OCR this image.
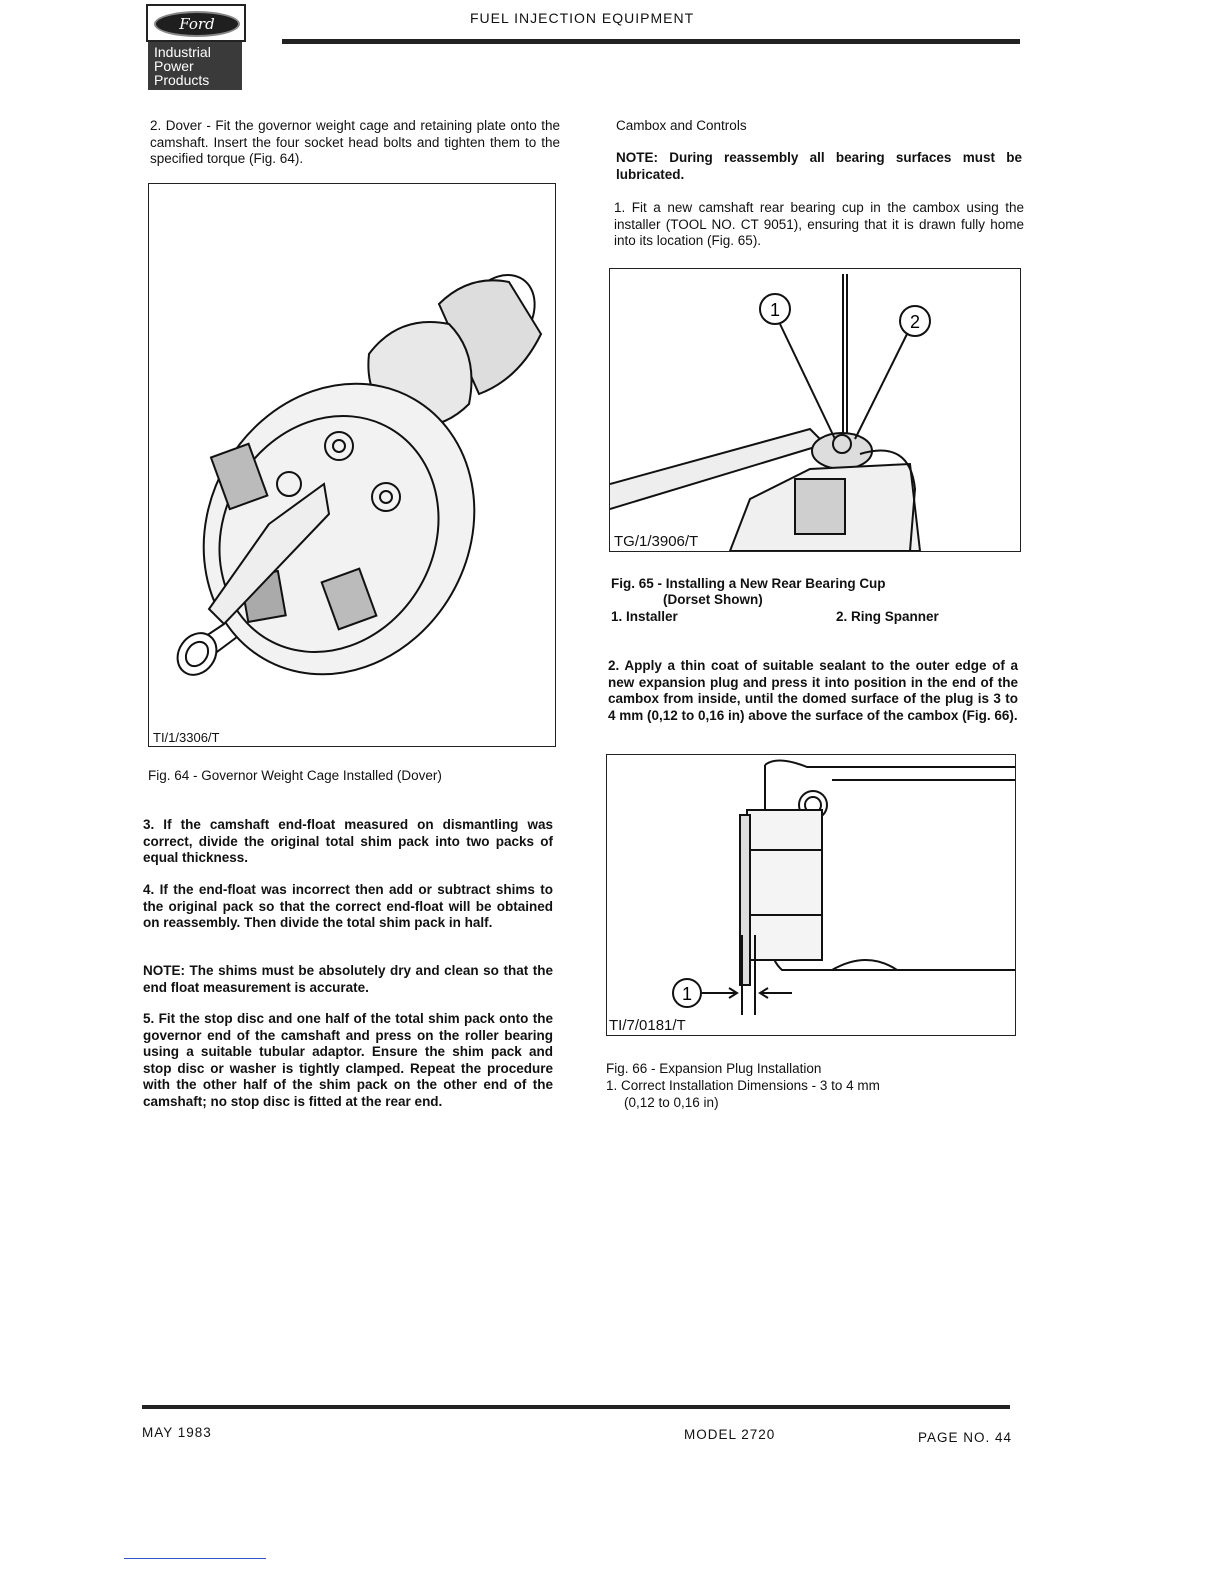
Ford
Industrial
Power
Products
FUEL INJECTION EQUIPMENT
2. Dover - Fit the governor weight cage and retaining plate onto the camshaft. Insert the four socket head bolts and tighten them to the specified torque (Fig. 64).
TI/1/3306/T
Fig. 64 - Governor Weight Cage Installed (Dover)
3. If the camshaft end-float measured on dismantling was correct, divide the original total shim pack into two packs of equal thickness.
4. If the end-float was incorrect then add or subtract shims to the original pack so that the correct end-float will be obtained on reassembly. Then divide the total shim pack in half.
NOTE: The shims must be absolutely dry and clean so that the end float measurement is accurate.
5. Fit the stop disc and one half of the total shim pack onto the governor end of the camshaft and press on the roller bearing using a suitable tubular adaptor. Ensure the shim pack and stop disc or washer is tightly clamped. Repeat the procedure with the other half of the shim pack on the other end of the camshaft; no stop disc is fitted at the rear end.
Cambox and Controls
NOTE: During reassembly all bearing surfaces must be lubricated.
1. Fit a new camshaft rear bearing cup in the cambox using the installer (TOOL NO. CT 9051), ensuring that it is drawn fully home into its location (Fig. 65).
1
2
TG/1/3906/T
Fig. 65 - Installing a New Rear Bearing Cup
(Dorset Shown)
1. Installer	2. Ring Spanner
2. Apply a thin coat of suitable sealant to the outer edge of a new expansion plug and press it into position in the end of the cambox from inside, until the domed surface of the plug is 3 to 4 mm (0,12 to 0,16 in) above the surface of the cambox (Fig. 66).
1
TI/7/0181/T
Fig. 66 - Expansion Plug Installation
1. Correct Installation Dimensions - 3 to 4 mm
(0,12 to 0,16 in)
MAY 1983	MODEL 2720	PAGE NO. 44
